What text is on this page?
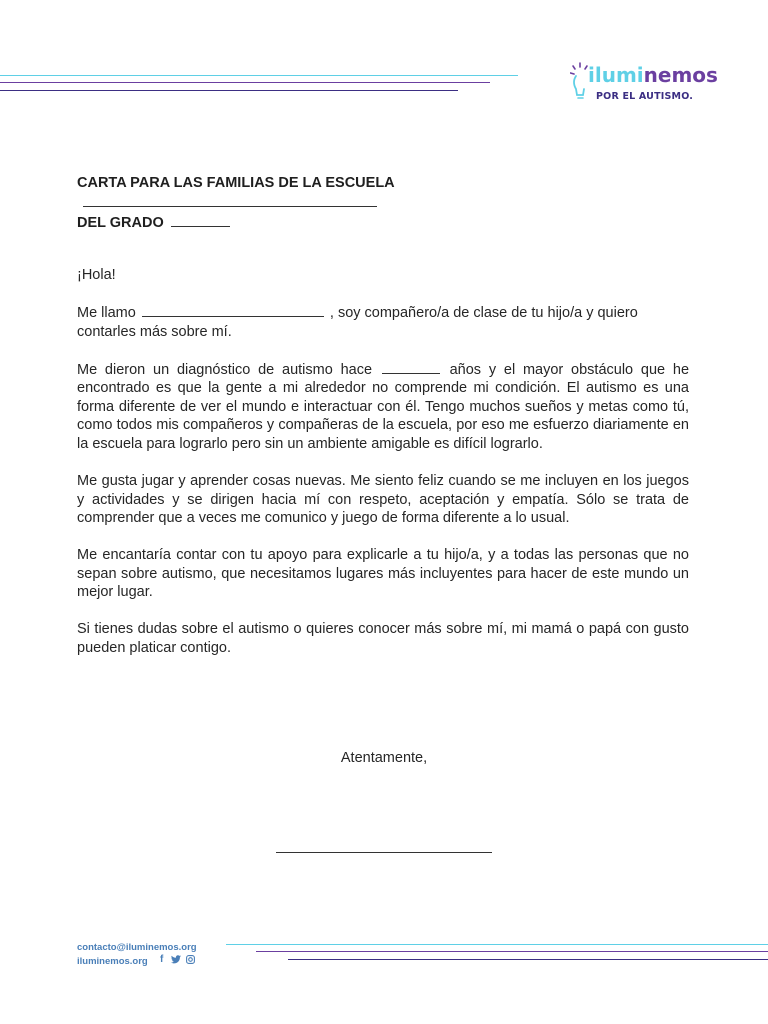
iluminemos
POR EL AUTISMO.
CARTA PARA LAS FAMILIAS DE LA ESCUELA
DEL GRADO

¡Hola!

Me llamo	, soy compañero/a de clase de tu hijo/a y quiero contarles más sobre mí.

Me dieron un diagnóstico de autismo hace	años y el mayor obstáculo que he encontrado es que la gente a mi alrededor no comprende mi condición. El autismo es una forma diferente de ver el mundo e interactuar con él. Tengo muchos sueños y metas como tú, como todos mis compañeros y compañeras de la escuela, por eso me esfuerzo diariamente en la escuela para lograrlo pero sin un ambiente amigable es difícil lograrlo.

Me gusta jugar y aprender cosas nuevas. Me siento feliz cuando se me incluyen en los juegos y actividades y se dirigen hacia mí con respeto, aceptación y empatía. Sólo se trata de comprender que a veces me comunico y juego de forma diferente a lo usual.

Me encantaría contar con tu apoyo para explicarle a tu hijo/a, y a todas las personas que no sepan sobre autismo, que necesitamos lugares más incluyentes para hacer de este mundo un mejor lugar.

Si tienes dudas sobre el autismo o quieres conocer más sobre mí, mi mamá o papá con gusto pueden platicar contigo.

Atentamente,
contacto@iluminemos.org
iluminemos.org f
